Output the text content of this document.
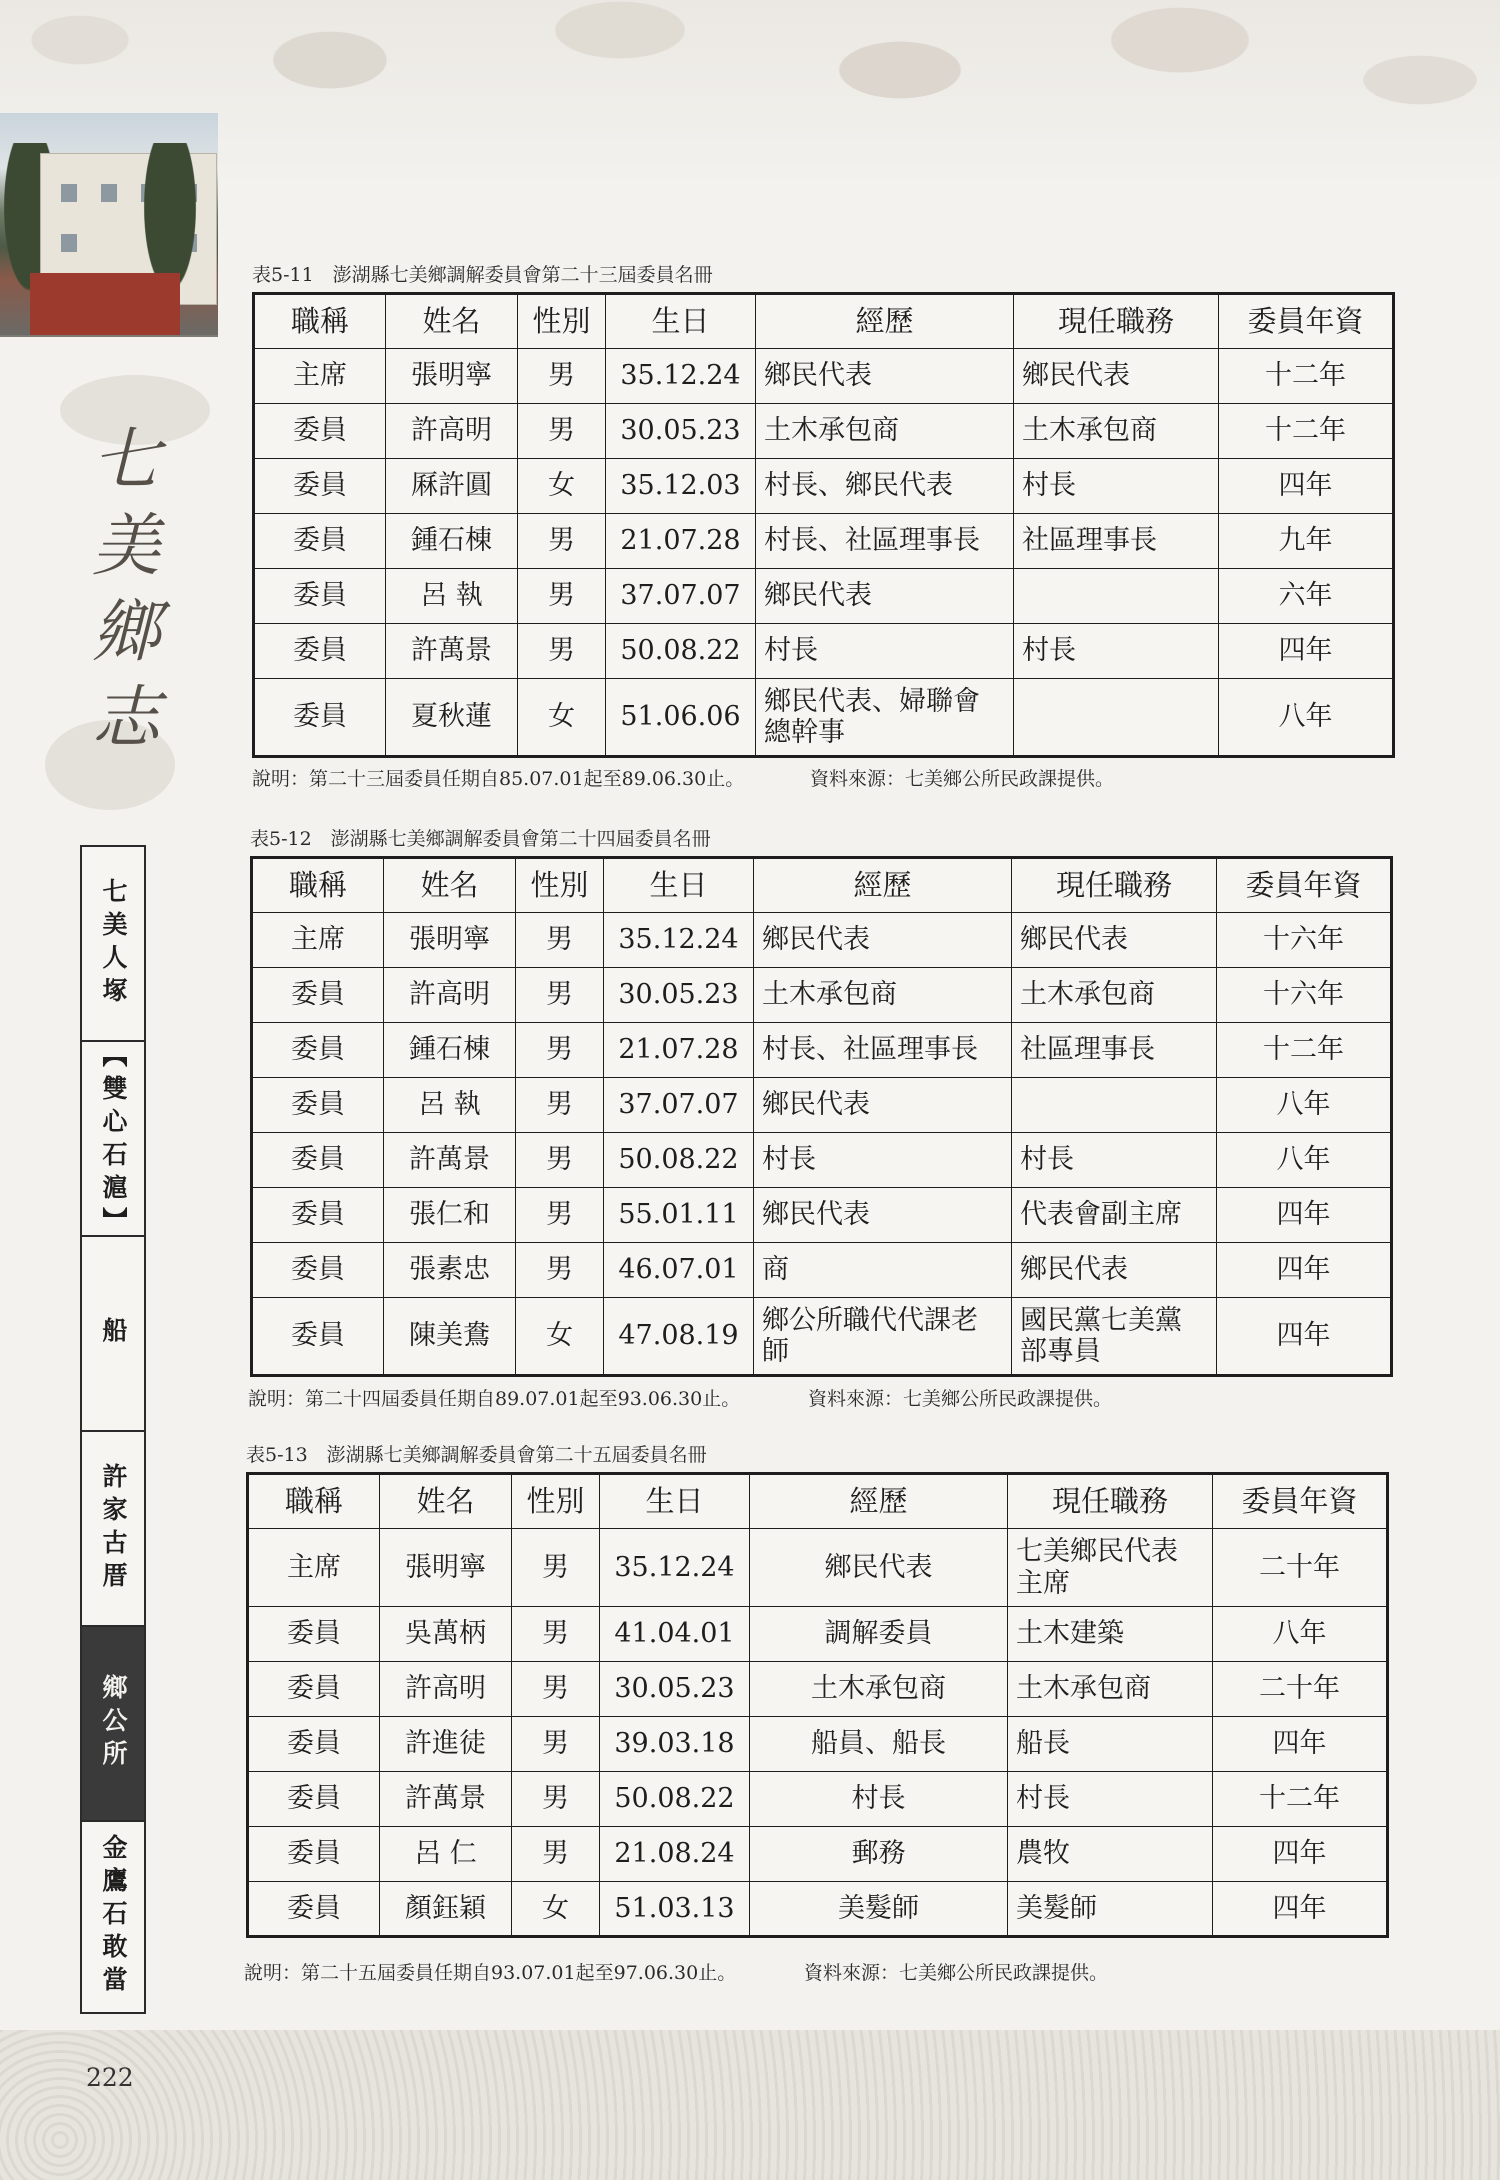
七美鄉志
七美人塚
【雙心石滬】
船
許家古厝
鄉公所
金鷹石敢當
222
表5-11　澎湖縣七美鄉調解委員會第二十三屆委員名冊
職稱	姓名	性別	生日	經歷	現任職務	委員年資
主席	張明寧	男	35.12.24	鄉民代表	鄉民代表	十二年
委員	許高明	男	30.05.23	土木承包商	土木承包商	十二年
委員	厤許圓	女	35.12.03	村長、鄉民代表	村長	四年
委員	鍾石棟	男	21.07.28	村長、社區理事長	社區理事長	九年
委員	呂 執	男	37.07.07	鄉民代表		六年
委員	許萬景	男	50.08.22	村長	村長	四年
委員	夏秋蓮	女	51.06.06	鄉民代表、婦聯會總幹事		八年
說明：第二十三屆委員任期自85.07.01起至89.06.30止。	資料來源：七美鄉公所民政課提供。
表5-12　澎湖縣七美鄉調解委員會第二十四屆委員名冊
職稱	姓名	性別	生日	經歷	現任職務	委員年資
主席	張明寧	男	35.12.24	鄉民代表	鄉民代表	十六年
委員	許高明	男	30.05.23	土木承包商	土木承包商	十六年
委員	鍾石棟	男	21.07.28	村長、社區理事長	社區理事長	十二年
委員	呂 執	男	37.07.07	鄉民代表		八年
委員	許萬景	男	50.08.22	村長	村長	八年
委員	張仁和	男	55.01.11	鄉民代表	代表會副主席	四年
委員	張素忠	男	46.07.01	商	鄉民代表	四年
委員	陳美鴦	女	47.08.19	鄉公所職代代課老師	國民黨七美黨部專員	四年
說明：第二十四屆委員任期自89.07.01起至93.06.30止。	資料來源：七美鄉公所民政課提供。
表5-13　澎湖縣七美鄉調解委員會第二十五屆委員名冊
職稱	姓名	性別	生日	經歷	現任職務	委員年資
主席	張明寧	男	35.12.24	鄉民代表	七美鄉民代表主席	二十年
委員	吳萬柄	男	41.04.01	調解委員	土木建築	八年
委員	許高明	男	30.05.23	土木承包商	土木承包商	二十年
委員	許進徒	男	39.03.18	船員、船長	船長	四年
委員	許萬景	男	50.08.22	村長	村長	十二年
委員	呂 仁	男	21.08.24	郵務	農牧	四年
委員	顏鈺穎	女	51.03.13	美髮師	美髮師	四年
說明：第二十五屆委員任期自93.07.01起至97.06.30止。	資料來源：七美鄉公所民政課提供。
